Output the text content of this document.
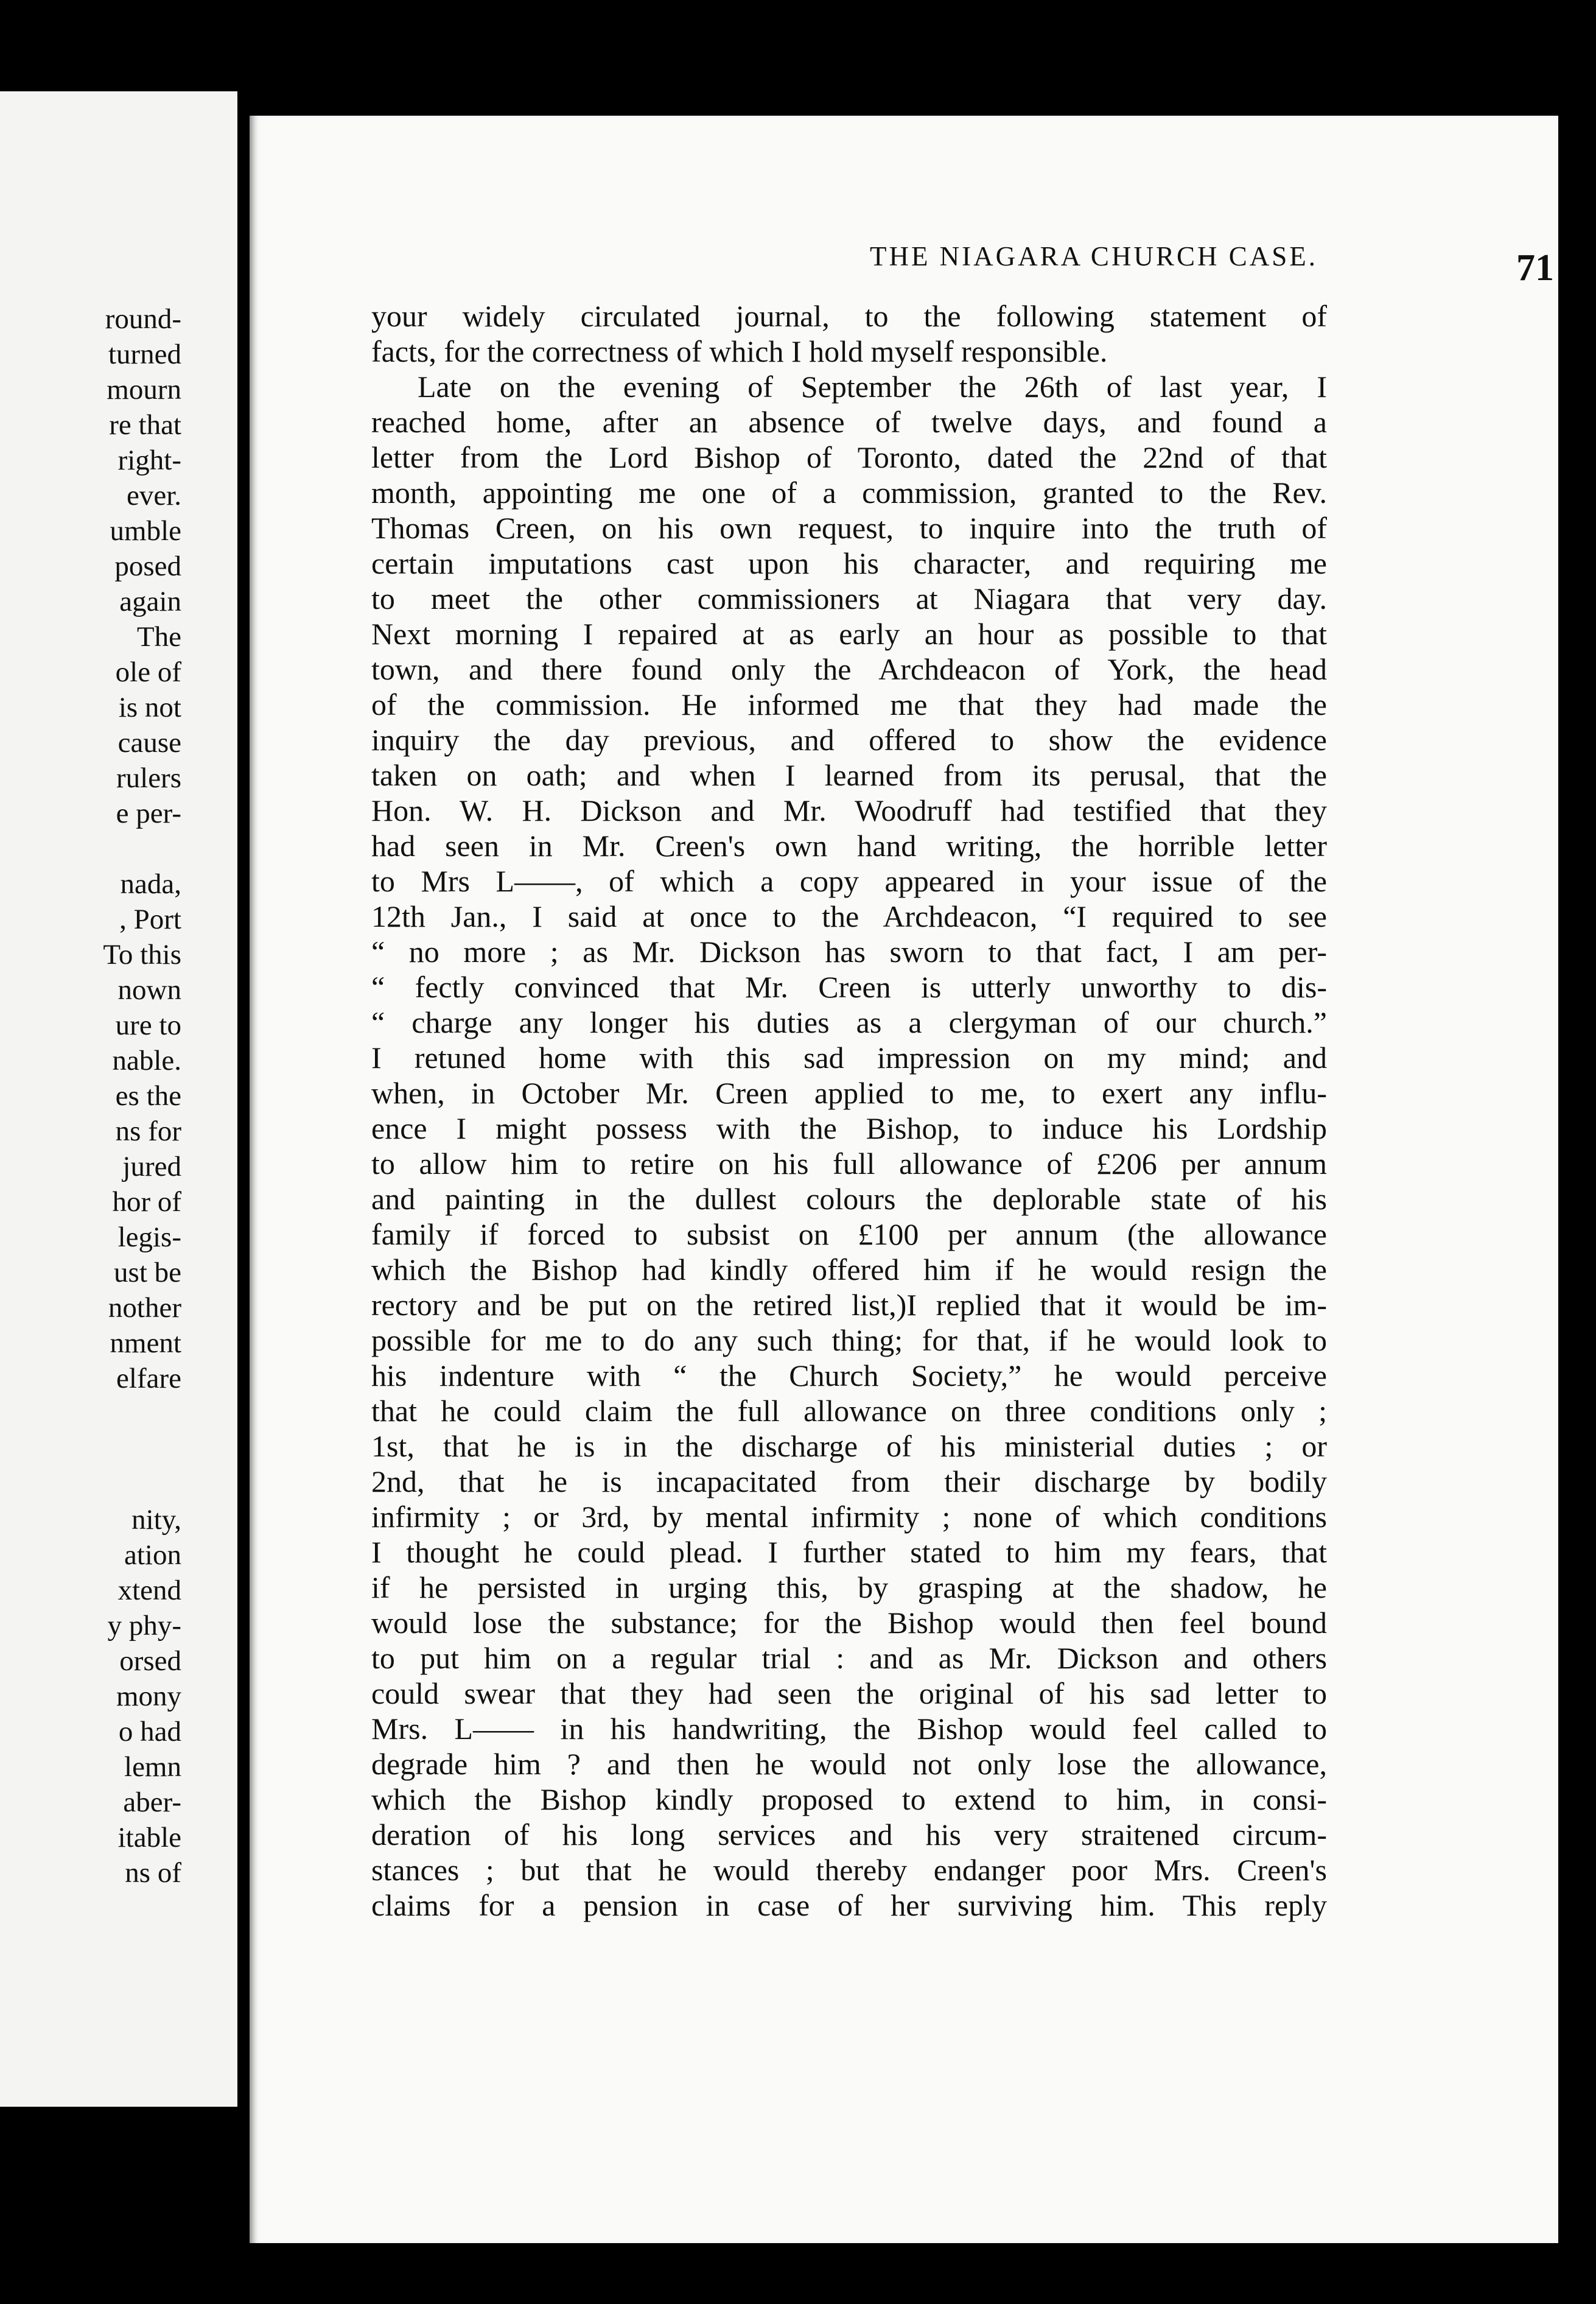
round-
turned
mourn
re that
right-
ever.
umble
posed
again
The
ole of
is not
cause
rulers
e per-

nada,
, Port
To this
nown
ure to
nable.
es the
ns for
jured
hor of
legis-
ust be
nother
nment
elfare

nity,
ation
xtend
y phy-
orsed
mony
o had
lemn
aber-
itable
ns of
THE NIAGARA CHURCH CASE.	71
your widely circulated journal, to the following statement of
facts, for the correctness of which I hold myself responsible.
Late on the evening of September the 26th of last year, I
reached home, after an absence of twelve days, and found a
letter from the Lord Bishop of Toronto, dated the 22nd of that
month, appointing me one of a commission, granted to the Rev.
Thomas Creen, on his own request, to inquire into the truth of
certain imputations cast upon his character, and requiring me
to meet the other commissioners at Niagara that very day.
Next morning I repaired at as early an hour as possible to that
town, and there found only the Archdeacon of York, the head
of the commission. He informed me that they had made the
inquiry the day previous, and offered to show the evidence
taken on oath; and when I learned from its perusal, that the
Hon. W. H. Dickson and Mr. Woodruff had testified that they
had seen in Mr. Creen's own hand writing, the horrible letter
to Mrs L——, of which a copy appeared in your issue of the
12th Jan., I said at once to the Archdeacon, “I required to see
“ no more ; as Mr. Dickson has sworn to that fact, I am per-
“ fectly convinced that Mr. Creen is utterly unworthy to dis-
“ charge any longer his duties as a clergyman of our church.”
I retuned home with this sad impression on my mind; and
when, in October Mr. Creen applied to me, to exert any influ-
ence I might possess with the Bishop, to induce his Lordship
to allow him to retire on his full allowance of £206 per annum
and painting in the dullest colours the deplorable state of his
family if forced to subsist on £100 per annum (the allowance
which the Bishop had kindly offered him if he would resign the
rectory and be put on the retired list,)I replied that it would be im-
possible for me to do any such thing; for that, if he would look to
his indenture with “ the Church Society,” he would perceive
that he could claim the full allowance on three conditions only ;
1st, that he is in the discharge of his ministerial duties ; or
2nd, that he is incapacitated from their discharge by bodily
infirmity ; or 3rd, by mental infirmity ; none of which conditions
I thought he could plead. I further stated to him my fears, that
if he persisted in urging this, by grasping at the shadow, he
would lose the substance; for the Bishop would then feel bound
to put him on a regular trial : and as Mr. Dickson and others
could swear that they had seen the original of his sad letter to
Mrs. L—— in his handwriting, the Bishop would feel called to
degrade him ? and then he would not only lose the allowance,
which the Bishop kindly proposed to extend to him, in consi-
deration of his long services and his very straitened circum-
stances ; but that he would thereby endanger poor Mrs. Creen's
claims for a pension in case of her surviving him. This reply
